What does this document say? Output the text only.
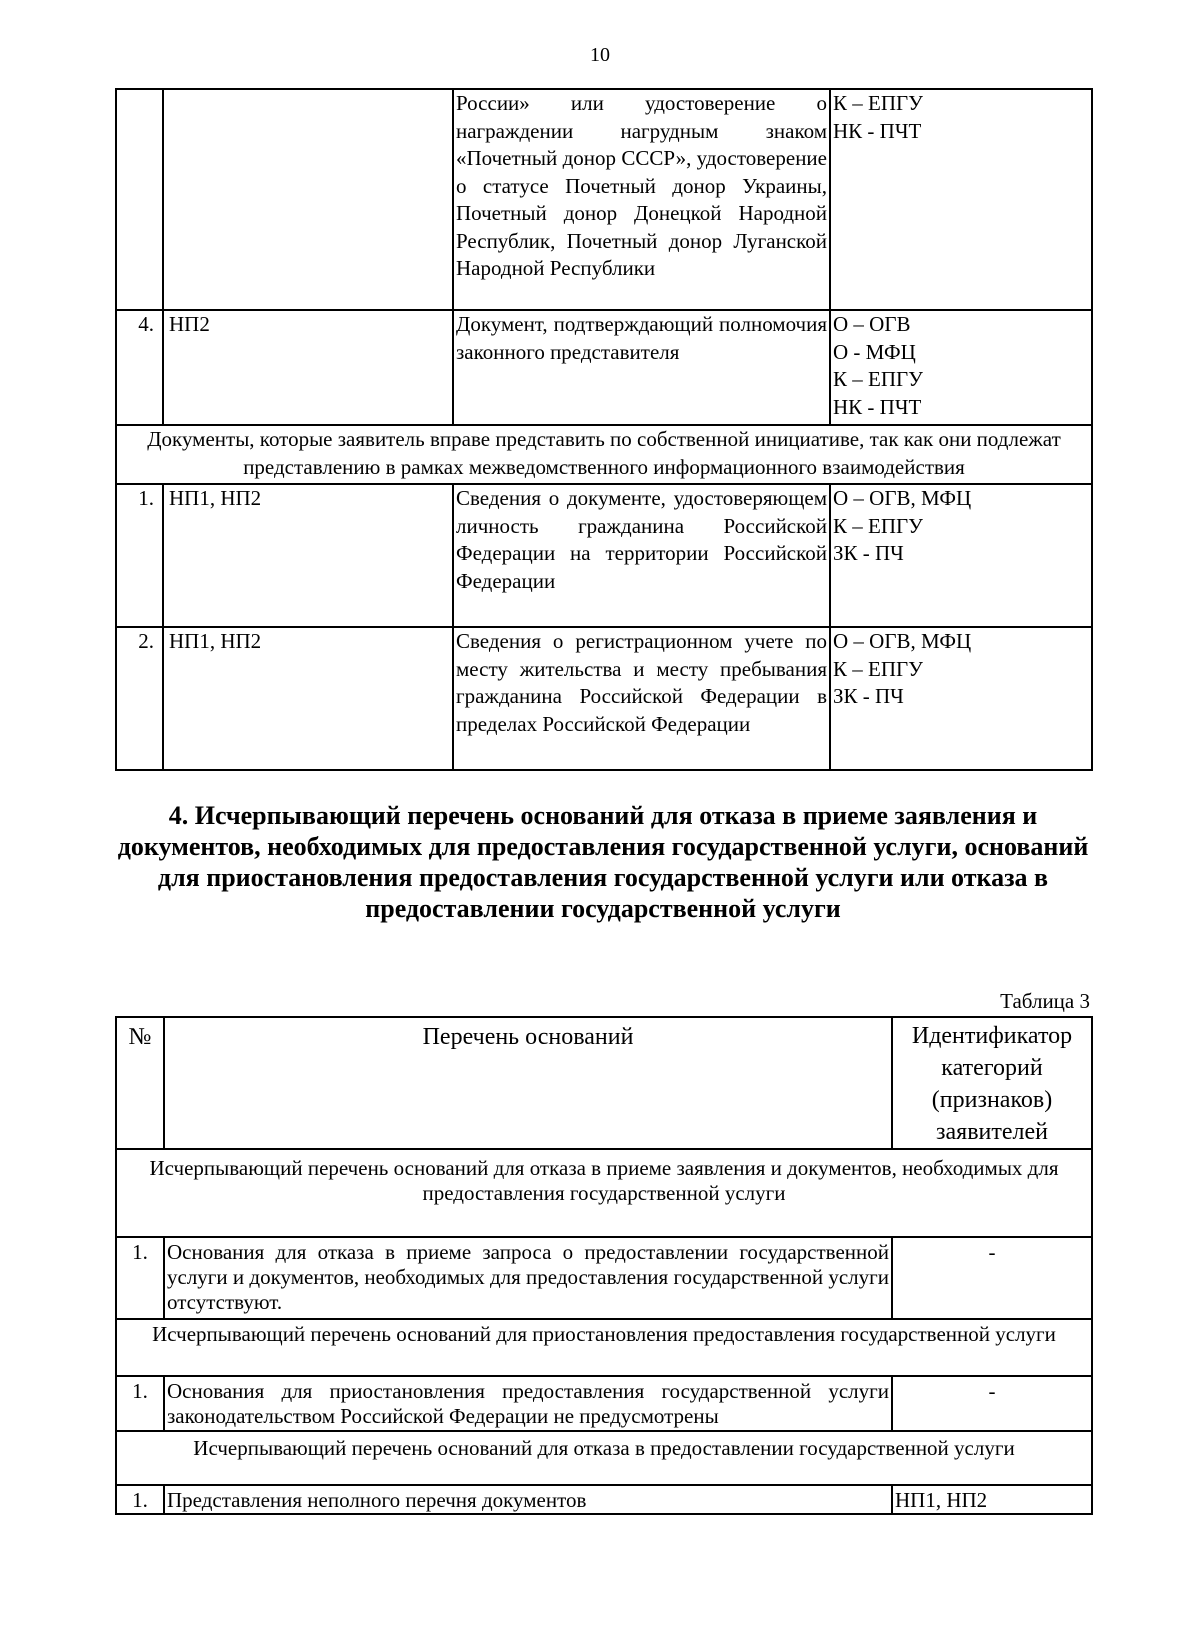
10
		России» или удостоверение о награждении нагрудным знаком «Почетный донор СССР», удостоверение о статусе Почетный донор Украины, Почетный донор Донецкой Народной Республик, Почетный донор Луганской Народной Республики	К – ЕПГУ
НК - ПЧТ

4.	НП2	Документ, подтверждающий полномочия законного представителя	О – ОГВ
О - МФЦ
К – ЕПГУ
НК - ПЧТ

Документы, которые заявитель вправе представить по собственной инициативе, так как они подлежат представлению в рамках межведомственного информационного взаимодействия			
1.	НП1, НП2	Сведения о документе, удостоверяющем личность гражданина Российской Федерации на территории Российской Федерации	О – ОГВ, МФЦ
К – ЕПГУ
ЗК - ПЧ

2.	НП1, НП2	Сведения о регистрационном учете по месту жительства и месту пребывания гражданина Российской Федерации в пределах Российской Федерации	О – ОГВ, МФЦ
К – ЕПГУ
ЗК - ПЧ
4. Исчерпывающий перечень оснований для отказа в приеме заявления и документов, необходимых для предоставления государственной услуги, оснований для приостановления предоставления государственной услуги или отказа в предоставлении государственной услуги
Таблица 3
№	Перечень оснований	Идентификатор категорий (признаков) заявителей
Исчерпывающий перечень оснований для отказа в приеме заявления и документов, необходимых для предоставления государственной услуги		
1.	Основания для отказа в приеме запроса о предоставлении государственной услуги и документов, необходимых для предоставления государственной услуги отсутствуют.	-
Исчерпывающий перечень оснований для приостановления предоставления государственной услуги		
1.	Основания для приостановления предоставления государственной услуги законодательством Российской Федерации не предусмотрены	-
Исчерпывающий перечень оснований для отказа в предоставлении государственной услуги		
1.	Представления неполного перечня документов	НП1, НП2
